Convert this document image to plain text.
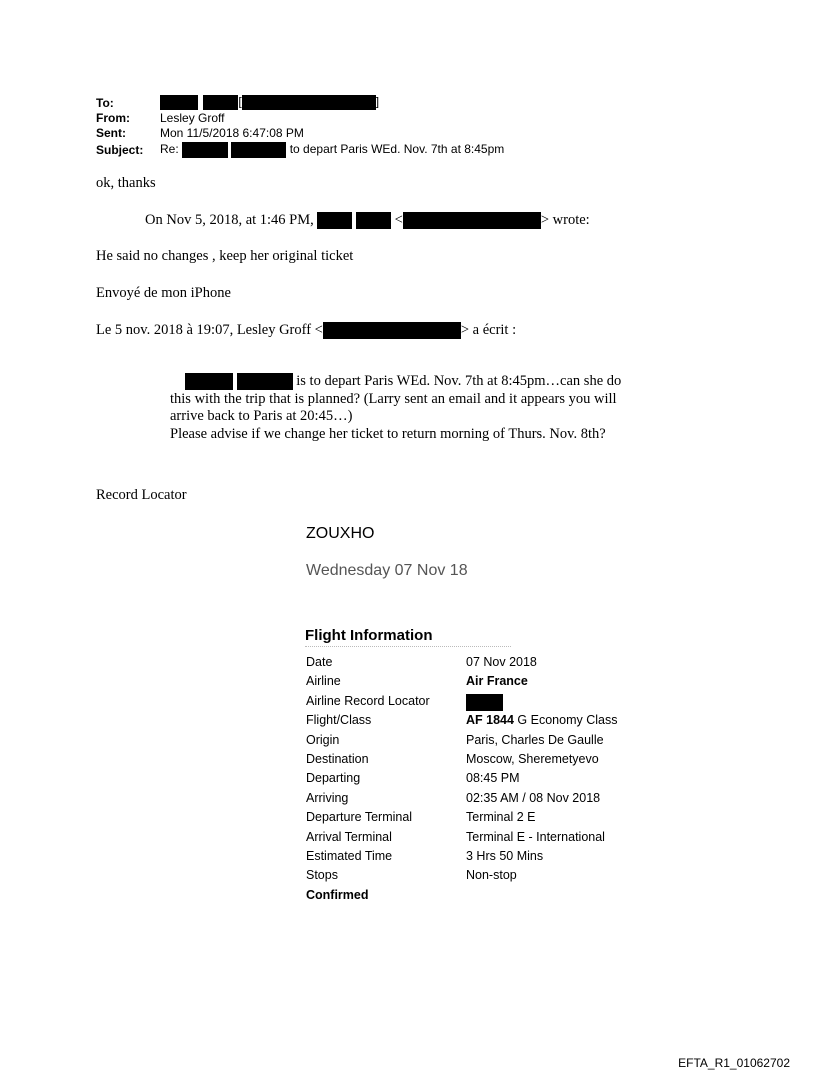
To:	[	]
From:	Lesley Groff
Sent:	Mon 11/5/2018 6:47:08 PM
Subject: Re:	to depart Paris WEd. Nov. 7th at 8:45pm
ok, thanks
On Nov 5, 2018, at 1:46 PM,	<	> wrote:
He said no changes , keep her original ticket
Envoyé de mon iPhone
Le 5 nov. 2018 à 19:07, Lesley Groff <	> a écrit :

is to depart Paris WEd. Nov. 7th at 8:45pm…can she do this with the trip that is planned? (Larry sent an email and it appears you will arrive back to Paris at 20:45…)

Please advise if we change her ticket to return morning of Thurs. Nov. 8th?

Record Locator
ZOUXHO
Wednesday 07 Nov 18
Flight Information
Date	07 Nov 2018
Airline	Air France
Airline Record Locator
Flight/Class	AF 1844 G Economy Class
Origin	Paris, Charles De Gaulle
Destination	Moscow, Sheremetyevo
Departing	08:45 PM
Arriving	02:35 AM / 08 Nov 2018
Departure Terminal	Terminal 2 E
Arrival Terminal	Terminal E - International
Estimated Time	3 Hrs 50 Mins
Stops	Non-stop
Confirmed
EFTA_R1_01062702
